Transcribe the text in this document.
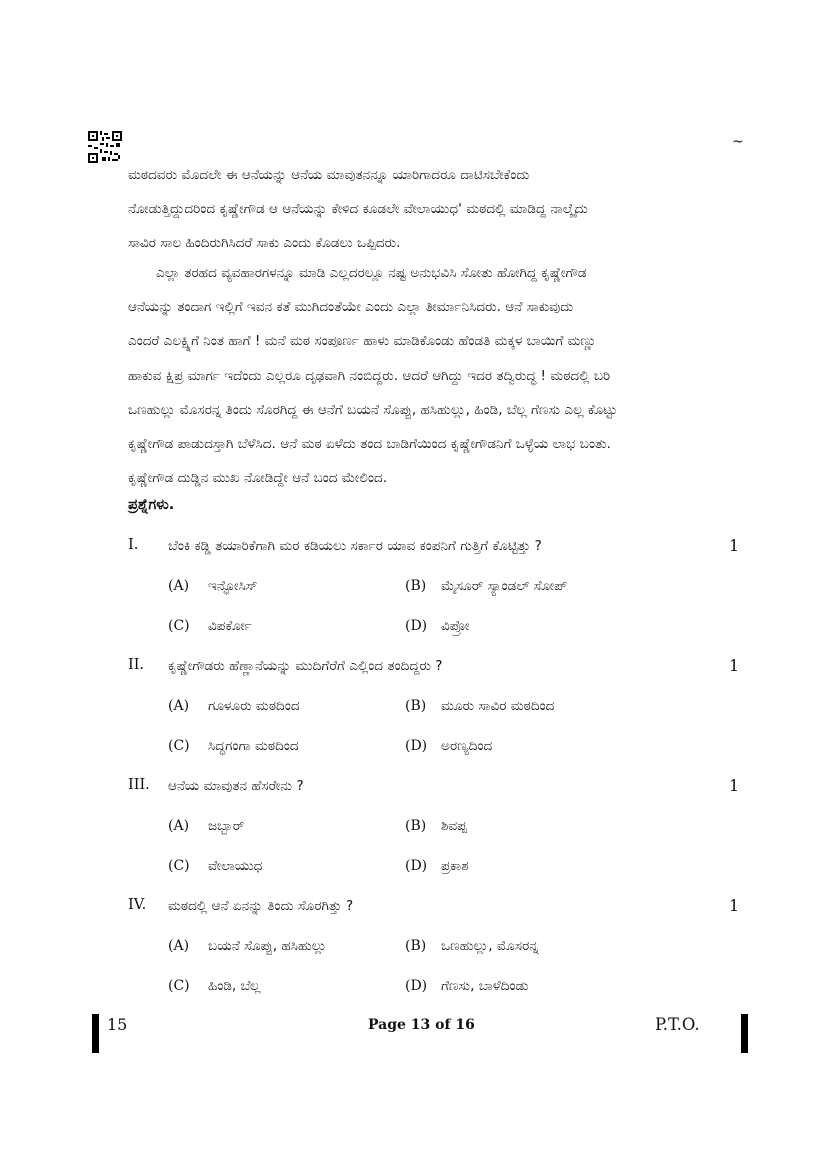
~
ಮಠದವರು ಮೊದಲೇ ಈ ಆನೆಯನ್ನು ಆನೆಯ ಮಾವುತನನ್ನೂ ಯಾರಿಗಾದರೂ ದಾಟಿಸಬೇಕೆಂದು
ನೋಡುತ್ತಿದ್ದುದರಿಂದ ಕೃಷ್ಣೇಗೌಡ ಆ ಆನೆಯನ್ನು ಕೇಳಿದ ಕೂಡಲೇ ವೇಲಾಯುಧ' ಮಠದಲ್ಲಿ ಮಾಡಿದ್ದ ನಾಲ್ಕೈದು
ಸಾವಿರ ಸಾಲ ಹಿಂದಿರುಗಿಸಿದರೆ ಸಾಕು ಎಂದು ಕೊಡಲು ಒಪ್ಪಿದರು.
ಎಲ್ಲಾ ತರಹದ ವ್ಯವಹಾರಗಳನ್ನೂ ಮಾಡಿ ಎಲ್ಲದರಲ್ಲೂ ನಷ್ಟ ಅನುಭವಿಸಿ ಸೋತು ಹೋಗಿದ್ದ ಕೃಷ್ಣೇಗೌಡ
ಆನೆಯನ್ನು ತಂದಾಗ ಇಲ್ಲಿಗೆ ಇವನ ಕತೆ ಮುಗಿದಂತೆಯೇ ಎಂದು ಎಲ್ಲಾ ತೀರ್ಮಾನಿಸಿದರು. ಆನೆ ಸಾಕುವುದು
ಎಂದರೆ ಎಲಕ್ಷ್ನಿಗೆ ನಿಂತ ಹಾಗೆ ! ಮನೆ ಮಠ ಸಂಪೂರ್ಣ ಹಾಳು ಮಾಡಿಕೊಂಡು ಹೆಂಡತಿ ಮಕ್ಕಳ ಬಾಯಿಗೆ ಮಣ್ಣು
ಹಾಕುವ ಕ್ಷಿಪ್ರ ಮಾರ್ಗ ಇದೆಂದು ಎಲ್ಲರೂ ದೃಢವಾಗಿ ನಂಬಿದ್ದರು. ಆದರೆ ಆಗಿದ್ದು ಇದರ ತದ್ವಿರುದ್ಧ ! ಮಠದಲ್ಲಿ ಬರಿ
ಒಣಹುಲ್ಲು ಮೊಸರನ್ನ ತಿಂದು ಸೊರಗಿದ್ದ ಈ ಆನೆಗೆ ಬಯನೆ ಸೊಪ್ಪು, ಹಸಿಹುಲ್ಲು, ಹಿಂಡಿ, ಬೆಲ್ಲ ಗೆಣಸು ಎಲ್ಲ ಕೊಟ್ಟು
ಕೃಷ್ಣೇಗೌಡ ಪಾಡುದಸ್ತಾಗಿ ಬೆಳೆಸಿದ. ಆನೆ ಮಠ ಏಳೆದು ತಂದ ಬಾಡಿಗೆಯಿಂದ ಕೃಷ್ಣೇಗೌಡನಿಗೆ ಒಳ್ಳೆಯ ಲಾಭ ಬಂತು.
ಕೃಷ್ಣೇಗೌಡ ದುಡ್ಡಿನ ಮುಖ ನೋಡಿದ್ದೇ ಆನೆ ಬಂದ ಮೇಲಿಂದ.
ಪ್ರಶ್ನೆಗಳು.
I. ಬೆಂಕಿ ಕಡ್ಡಿ ತಯಾರಿಕೆಗಾಗಿ ಮರ ಕಡಿಯಲು ಸರ್ಕಾರ ಯಾವ ಕಂಪನಿಗೆ ಗುತ್ತಿಗೆ ಕೊಟ್ಟಿತ್ತು ?	1
(A) ಇನ್ಫೋಸಿಸ್	(B) ಮೈಸೂರ್ ಸ್ಯಾಂಡಲ್ ಸೋಪ್
(C) ವಿಪರ್ಕೋ	(D) ವಿಪ್ರೋ
II. ಕೃಷ್ಣೇಗೌಡರು ಹೆಣ್ಣಾನೆಯನ್ನು ಮುದಿಗೆರೆಗೆ ಎಲ್ಲಿಂದ ತಂದಿದ್ದರು ?	1
(A) ಗೂಳೂರು ಮಠದಿಂದ	(B) ಮೂರು ಸಾವಿರ ಮಠದಿಂದ
(C) ಸಿದ್ಧಗಂಗಾ ಮಠದಿಂದ	(D) ಅರಣ್ಯದಿಂದ
III. ಆನೆಯ ಮಾವುತನ ಹೆಸರೇನು ?	1
(A) ಜಬ್ಬಾರ್	(B) ಶಿವಪ್ಪ
(C) ವೇಲಾಯುಧ	(D) ಪ್ರಕಾಶ
IV. ಮಠದಲ್ಲಿ ಆನೆ ಏನನ್ನು ತಿಂದು ಸೊರಗಿತ್ತು ?	1
(A) ಬಯನೆ ಸೊಪ್ಪು, ಹಸಿಹುಲ್ಲು	(B) ಒಣಹುಲ್ಲು, ಮೊಸರನ್ನ
(C) ಹಿಂಡಿ, ಬೆಲ್ಲ	(D) ಗೆಣಸು, ಬಾಳೆದಿಂಡು
15	Page 13 of 16	P.T.O.
